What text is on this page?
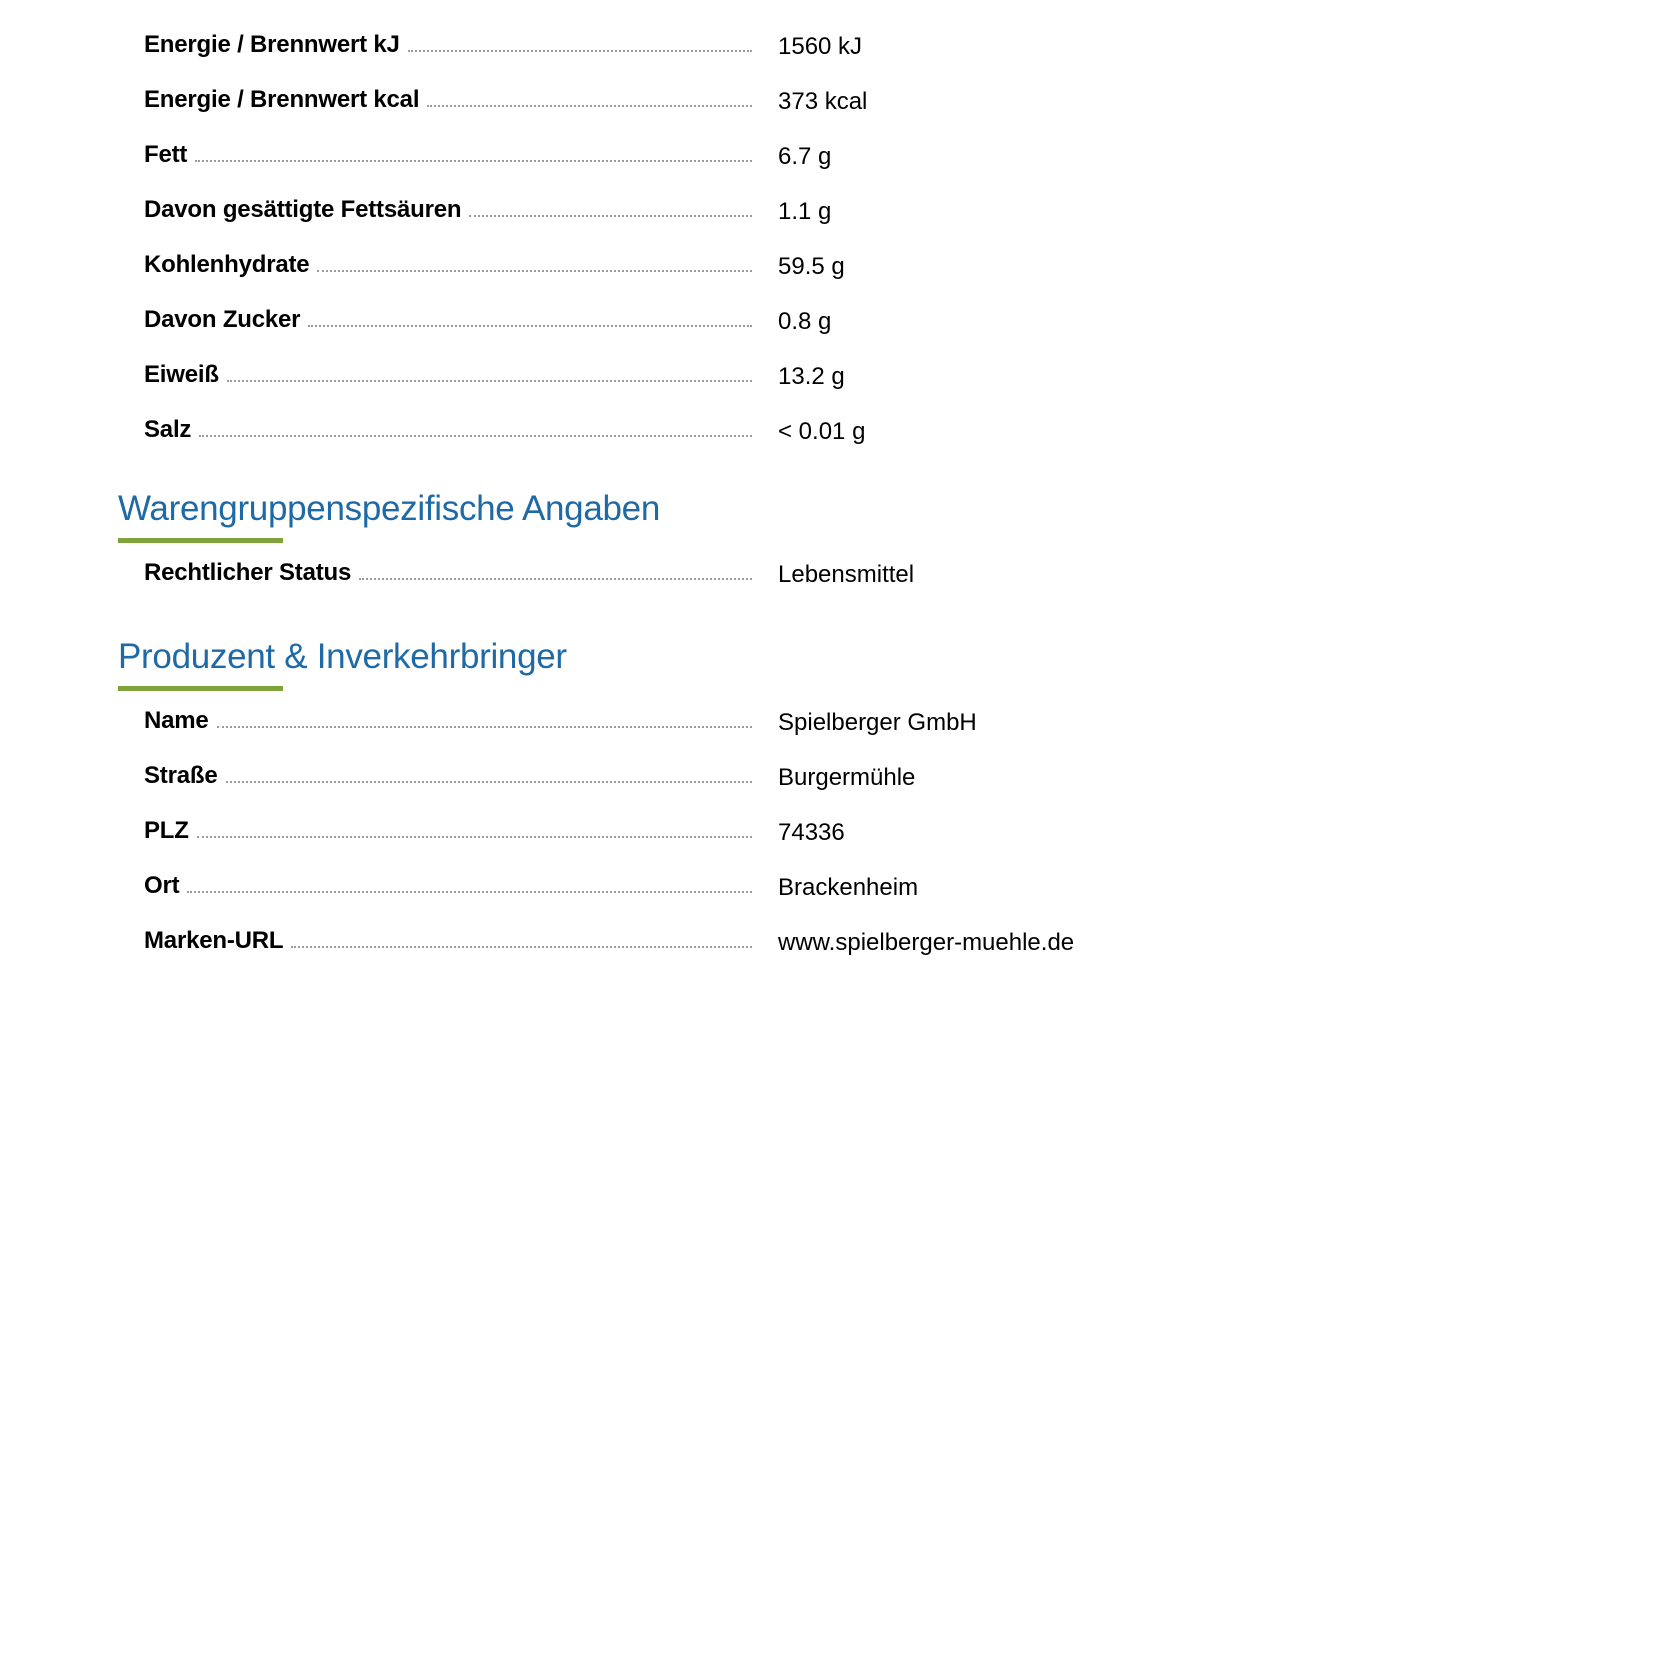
Energie / Brennwert kJ	1560 kJ
Energie / Brennwert kcal	373 kcal
Fett	6.7 g
Davon gesättigte Fettsäuren	1.1 g
Kohlenhydrate	59.5 g
Davon Zucker	0.8 g
Eiweiß	13.2 g
Salz	< 0.01 g
Warengruppenspezifische Angaben
Rechtlicher Status	Lebensmittel
Produzent & Inverkehrbringer
Name	Spielberger GmbH
Straße	Burgermühle
PLZ	74336
Ort	Brackenheim
Marken-URL	www.spielberger-muehle.de
